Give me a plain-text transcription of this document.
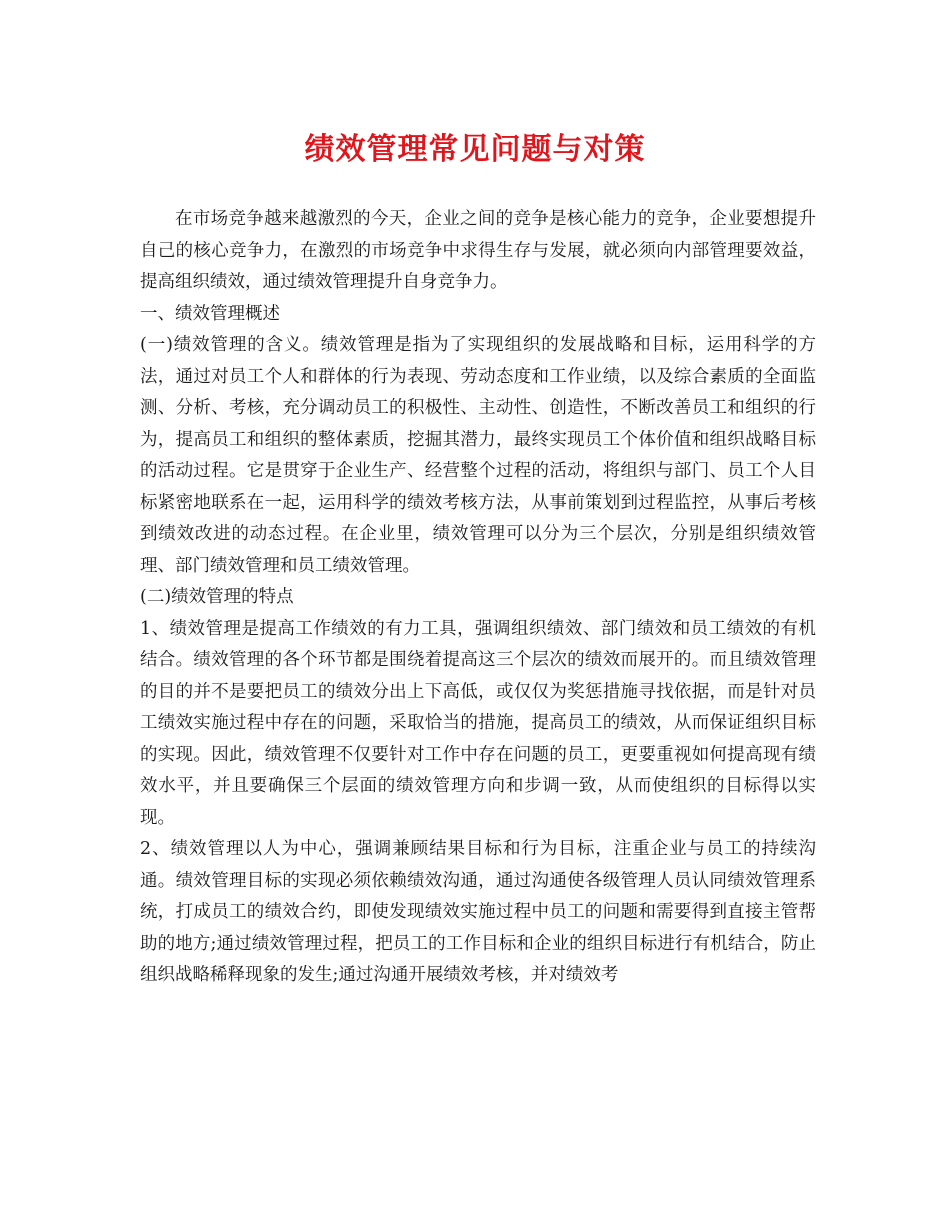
绩效管理常见问题与对策

在市场竞争越来越激烈的今天，企业之间的竞争是核心能力的竞争，企业要想提升自己的核心竞争力，在激烈的市场竞争中求得生存与发展，就必须向内部管理要效益，提高组织绩效，通过绩效管理提升自身竞争力。

一、绩效管理概述

(一)绩效管理的含义。绩效管理是指为了实现组织的发展战略和目标，运用科学的方法，通过对员工个人和群体的行为表现、劳动态度和工作业绩，以及综合素质的全面监测、分析、考核，充分调动员工的积极性、主动性、创造性，不断改善员工和组织的行为，提高员工和组织的整体素质，挖掘其潜力，最终实现员工个体价值和组织战略目标的活动过程。它是贯穿于企业生产、经营整个过程的活动，将组织与部门、员工个人目标紧密地联系在一起，运用科学的绩效考核方法，从事前策划到过程监控，从事后考核到绩效改进的动态过程。在企业里，绩效管理可以分为三个层次，分别是组织绩效管理、部门绩效管理和员工绩效管理。

(二)绩效管理的特点

1、绩效管理是提高工作绩效的有力工具，强调组织绩效、部门绩效和员工绩效的有机结合。绩效管理的各个环节都是围绕着提高这三个层次的绩效而展开的。而且绩效管理的目的并不是要把员工的绩效分出上下高低，或仅仅为奖惩措施寻找依据，而是针对员工绩效实施过程中存在的问题，采取恰当的措施，提高员工的绩效，从而保证组织目标的实现。因此，绩效管理不仅要针对工作中存在问题的员工，更要重视如何提高现有绩效水平，并且要确保三个层面的绩效管理方向和步调一致，从而使组织的目标得以实现。

2、绩效管理以人为中心，强调兼顾结果目标和行为目标，注重企业与员工的持续沟通。绩效管理目标的实现必须依赖绩效沟通，通过沟通使各级管理人员认同绩效管理系统，打成员工的绩效合约，即使发现绩效实施过程中员工的问题和需要得到直接主管帮助的地方;通过绩效管理过程，把员工的工作目标和企业的组织目标进行有机结合，防止组织战略稀释现象的发生;通过沟通开展绩效考核，并对绩效考
